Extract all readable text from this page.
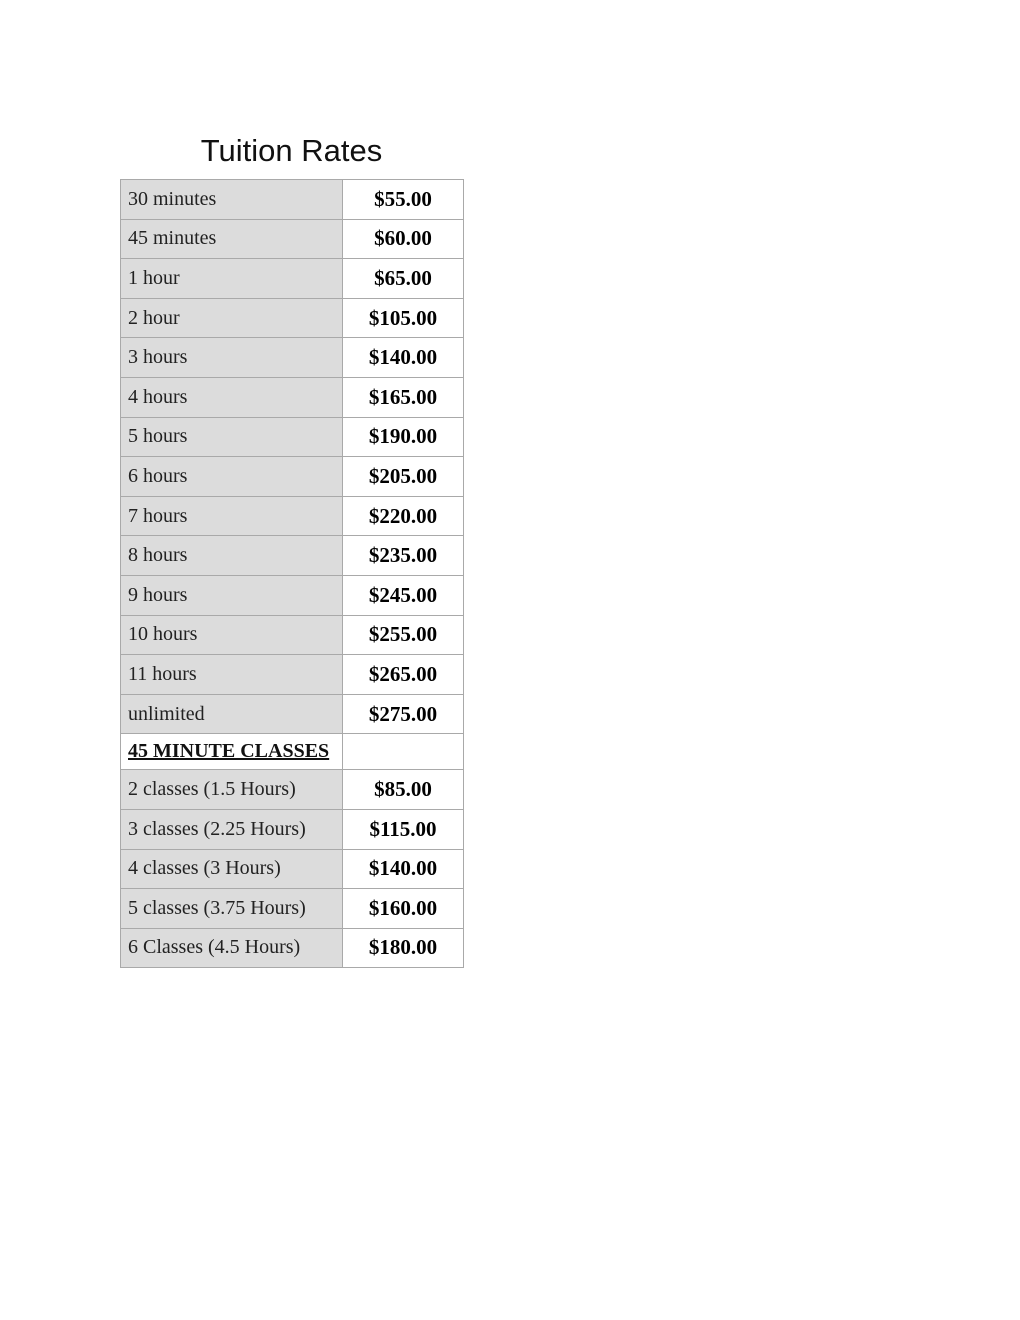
Tuition Rates
30 minutes	$55.00
45 minutes	$60.00
1 hour	$65.00
2 hour	$105.00
3 hours	$140.00
4 hours	$165.00
5 hours	$190.00
6 hours	$205.00
7 hours	$220.00
8 hours	$235.00
9 hours	$245.00
10 hours	$255.00
11 hours	$265.00
unlimited	$275.00
45 MINUTE CLASSES	
2 classes (1.5 Hours)	$85.00
3 classes (2.25 Hours)	$115.00
4 classes (3 Hours)	$140.00
5 classes (3.75 Hours)	$160.00
6 Classes (4.5 Hours)	$180.00
